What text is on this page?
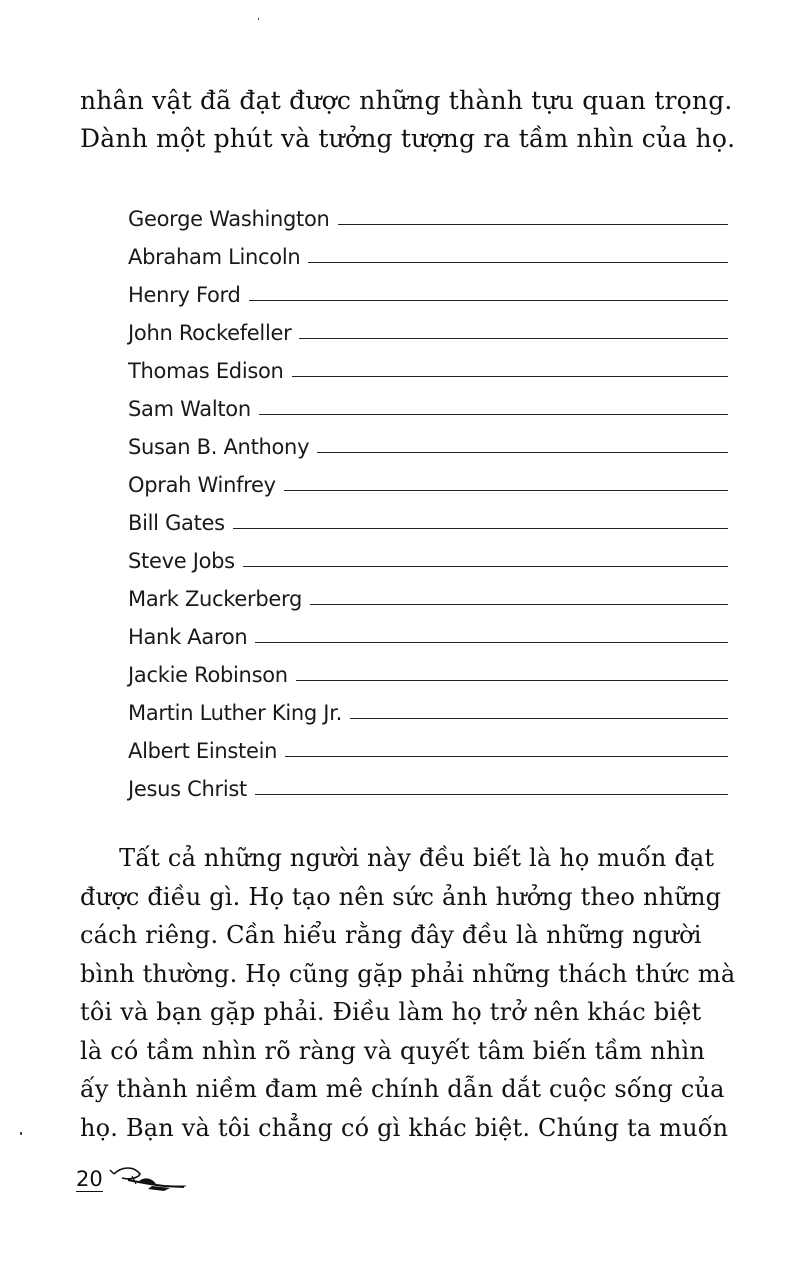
nhân vật đã đạt được những thành tựu quan trọng.

Dành một phút và tưởng tượng ra tầm nhìn của họ.

George Washington
Abraham Lincoln
Henry Ford
John Rockefeller
Thomas Edison
Sam Walton
Susan B. Anthony
Oprah Winfrey
Bill Gates
Steve Jobs
Mark Zuckerberg
Hank Aaron
Jackie Robinson
Martin Luther King Jr.
Albert Einstein
Jesus Christ

Tất cả những người này đều biết là họ muốn đạt

được điều gì. Họ tạo nên sức ảnh hưởng theo những

cách riêng. Cần hiểu rằng đây đều là những người

bình thường. Họ cũng gặp phải những thách thức mà

tôi và bạn gặp phải. Điều làm họ trở nên khác biệt

là có tầm nhìn rõ ràng và quyết tâm biến tầm nhìn

ấy thành niềm đam mê chính dẫn dắt cuộc sống của

họ. Bạn và tôi chẳng có gì khác biệt. Chúng ta muốn

20
